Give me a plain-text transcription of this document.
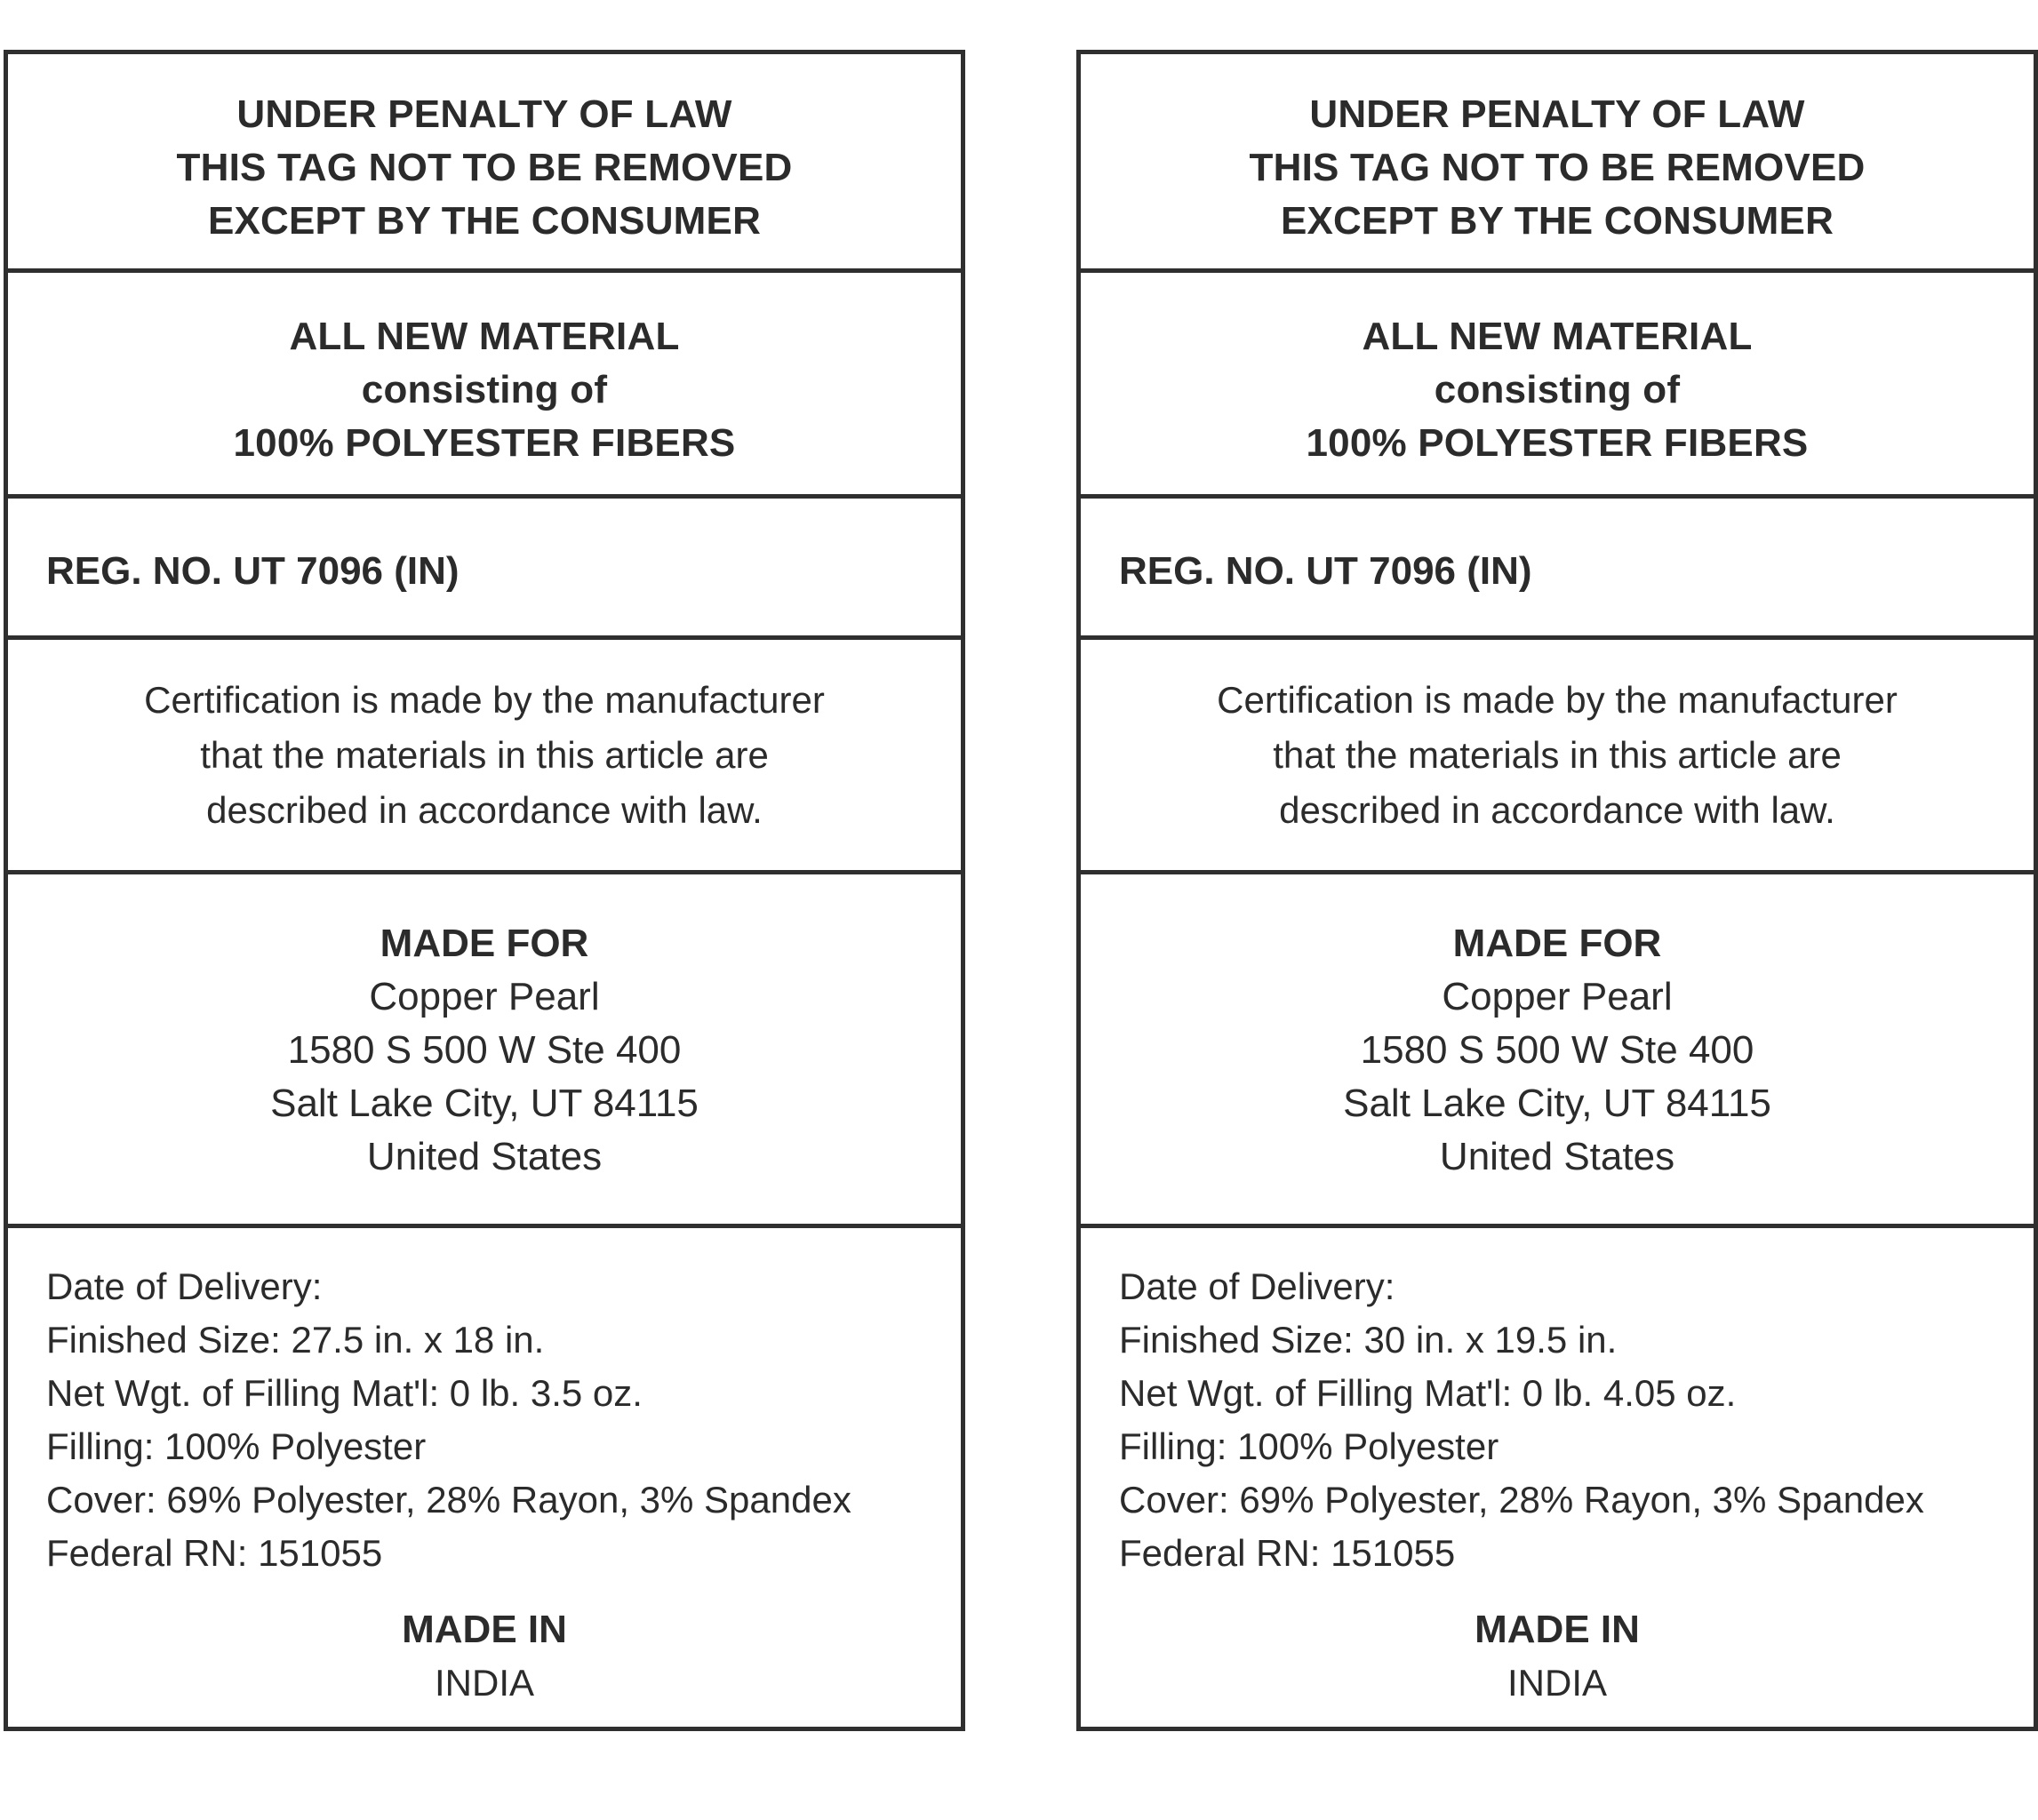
UNDER PENALTY OF LAW
THIS TAG NOT TO BE REMOVED
EXCEPT BY THE CONSUMER
ALL NEW MATERIAL
consisting of
100% POLYESTER FIBERS
REG. NO. UT 7096 (IN)
Certification is made by the manufacturer
that the materials in this article are
described in accordance with law.
MADE FOR
Copper Pearl
1580 S 500 W Ste 400
Salt Lake City, UT 84115
United States
Date of Delivery:
Finished Size: 27.5 in. x 18 in.
Net Wgt. of Filling Mat'l: 0 lb. 3.5 oz.
Filling: 100% Polyester
Cover: 69% Polyester, 28% Rayon, 3% Spandex
Federal RN: 151055
MADE IN
INDIA
UNDER PENALTY OF LAW
THIS TAG NOT TO BE REMOVED
EXCEPT BY THE CONSUMER
ALL NEW MATERIAL
consisting of
100% POLYESTER FIBERS
REG. NO. UT 7096 (IN)
Certification is made by the manufacturer
that the materials in this article are
described in accordance with law.
MADE FOR
Copper Pearl
1580 S 500 W Ste 400
Salt Lake City, UT 84115
United States
Date of Delivery:
Finished Size: 30 in. x 19.5 in.
Net Wgt. of Filling Mat'l: 0 lb. 4.05 oz.
Filling: 100% Polyester
Cover: 69% Polyester, 28% Rayon, 3% Spandex
Federal RN: 151055
MADE IN
INDIA
